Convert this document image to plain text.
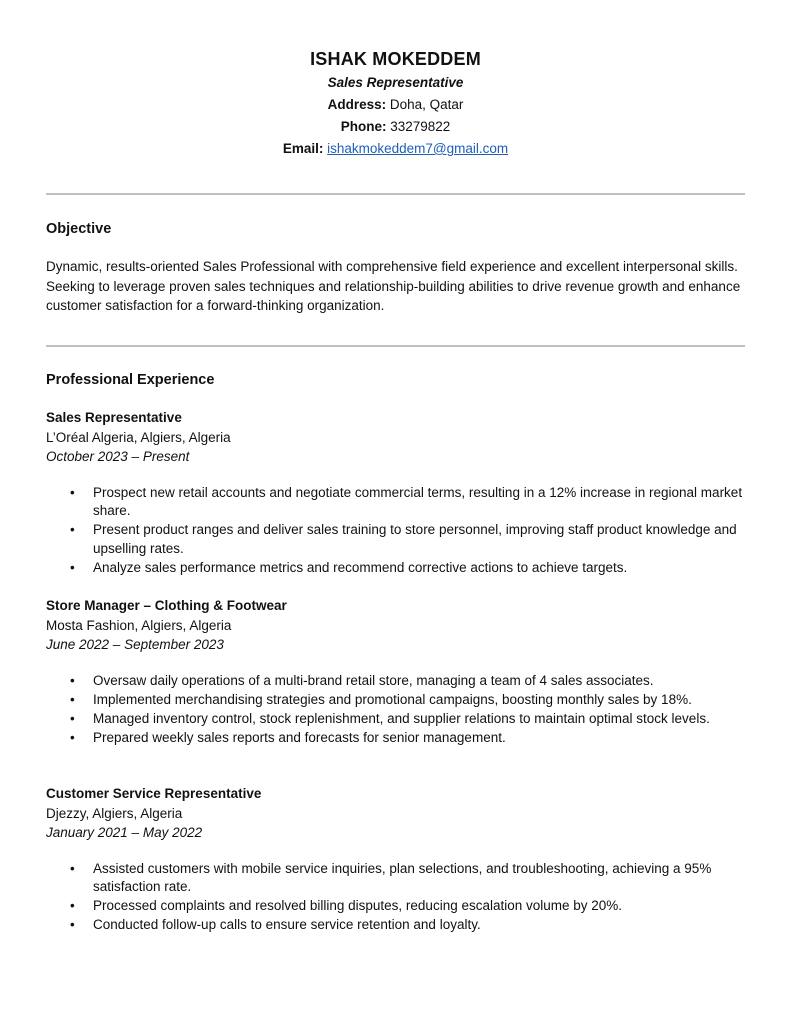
ISHAK MOKEDDEM
Sales Representative
Address: Doha, Qatar
Phone: 33279822
Email: ishakmokeddem7@gmail.com
Objective
Dynamic, results-oriented Sales Professional with comprehensive field experience and excellent interpersonal skills. Seeking to leverage proven sales techniques and relationship-building abilities to drive revenue growth and enhance customer satisfaction for a forward-thinking organization.
Professional Experience
Sales Representative
L’Oréal Algeria, Algiers, Algeria
October 2023 – Present
• Prospect new retail accounts and negotiate commercial terms, resulting in a 12% increase in regional market share.
• Present product ranges and deliver sales training to store personnel, improving staff product knowledge and upselling rates.
• Analyze sales performance metrics and recommend corrective actions to achieve targets.
Store Manager – Clothing & Footwear
Mosta Fashion, Algiers, Algeria
June 2022 – September 2023
• Oversaw daily operations of a multi-brand retail store, managing a team of 4 sales associates.
• Implemented merchandising strategies and promotional campaigns, boosting monthly sales by 18%.
• Managed inventory control, stock replenishment, and supplier relations to maintain optimal stock levels.
• Prepared weekly sales reports and forecasts for senior management.
Customer Service Representative
Djezzy, Algiers, Algeria
January 2021 – May 2022
• Assisted customers with mobile service inquiries, plan selections, and troubleshooting, achieving a 95% satisfaction rate.
• Processed complaints and resolved billing disputes, reducing escalation volume by 20%.
• Conducted follow-up calls to ensure service retention and loyalty.
